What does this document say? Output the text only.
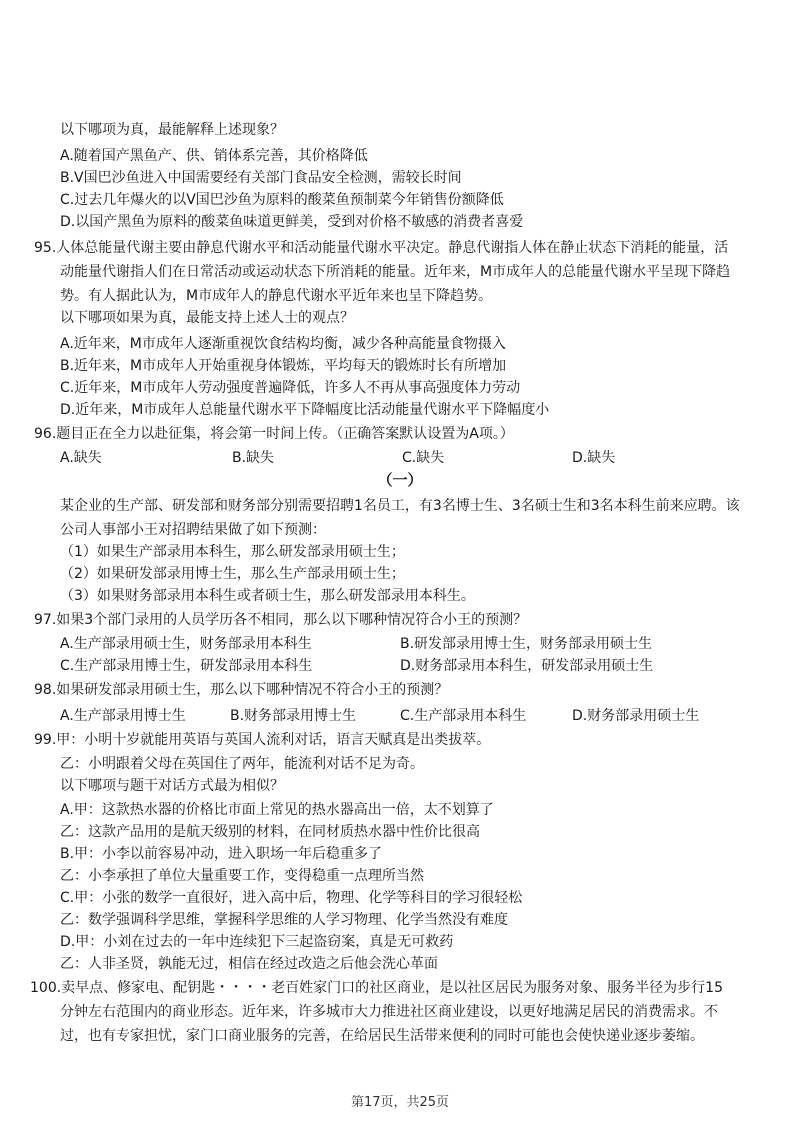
以下哪项为真，最能解释上述现象？
A.随着国产黑鱼产、供、销体系完善，其价格降低
B.V国巴沙鱼进入中国需要经有关部门食品安全检测，需较长时间
C.过去几年爆火的以V国巴沙鱼为原料的酸菜鱼预制菜今年销售份额降低
D.以国产黑鱼为原料的酸菜鱼味道更鲜美，受到对价格不敏感的消费者喜爱
95.人体总能量代谢主要由静息代谢水平和活动能量代谢水平决定。静息代谢指人体在静止状态下消耗的能量，活
动能量代谢指人们在日常活动或运动状态下所消耗的能量。近年来，M市成年人的总能量代谢水平呈现下降趋
势。有人据此认为，M市成年人的静息代谢水平近年来也呈下降趋势。
以下哪项如果为真，最能支持上述人士的观点？
A.近年来，M市成年人逐渐重视饮食结构均衡，减少各种高能量食物摄入
B.近年来，M市成年人开始重视身体锻炼，平均每天的锻炼时长有所增加
C.近年来，M市成年人劳动强度普遍降低，许多人不再从事高强度体力劳动
D.近年来，M市成年人总能量代谢水平下降幅度比活动能量代谢水平下降幅度小
96.题目正在全力以赴征集，将会第一时间上传。（正确答案默认设置为A项。）
A.缺失	B.缺失	C.缺失	D.缺失
（一）
某企业的生产部、研发部和财务部分别需要招聘1名员工，有3名博士生、3名硕士生和3名本科生前来应聘。该
公司人事部小王对招聘结果做了如下预测：
（1）如果生产部录用本科生，那么研发部录用硕士生；
（2）如果研发部录用博士生，那么生产部录用硕士生；
（3）如果财务部录用本科生或者硕士生，那么研发部录用本科生。
97.如果3个部门录用的人员学历各不相同，那么以下哪种情况符合小王的预测？
A.生产部录用硕士生，财务部录用本科生	B.研发部录用博士生，财务部录用硕士生
C.生产部录用博士生，研发部录用本科生	D.财务部录用本科生，研发部录用硕士生
98.如果研发部录用硕士生，那么以下哪种情况不符合小王的预测？
A.生产部录用博士生	B.财务部录用博士生	C.生产部录用本科生	D.财务部录用硕士生
99.甲：小明十岁就能用英语与英国人流利对话，语言天赋真是出类拔萃。
乙：小明跟着父母在英国住了两年，能流利对话不足为奇。
以下哪项与题干对话方式最为相似？
A.甲：这款热水器的价格比市面上常见的热水器高出一倍，太不划算了
乙：这款产品用的是航天级别的材料，在同材质热水器中性价比很高
B.甲：小李以前容易冲动，进入职场一年后稳重多了
乙：小李承担了单位大量重要工作，变得稳重一点理所当然
C.甲：小张的数学一直很好，进入高中后，物理、化学等科目的学习很轻松
乙：数学强调科学思维，掌握科学思维的人学习物理、化学当然没有难度
D.甲：小刘在过去的一年中连续犯下三起盗窃案，真是无可救药
乙：人非圣贤，孰能无过，相信在经过改造之后他会洗心革面
100.卖早点、修家电、配钥匙・・・・老百姓家门口的社区商业，是以社区居民为服务对象、服务半径为步行15
分钟左右范围内的商业形态。近年来，许多城市大力推进社区商业建设，以更好地满足居民的消费需求。不
过，也有专家担忧，家门口商业服务的完善，在给居民生活带来便利的同时可能也会使快递业逐步萎缩。
第17页，共25页
